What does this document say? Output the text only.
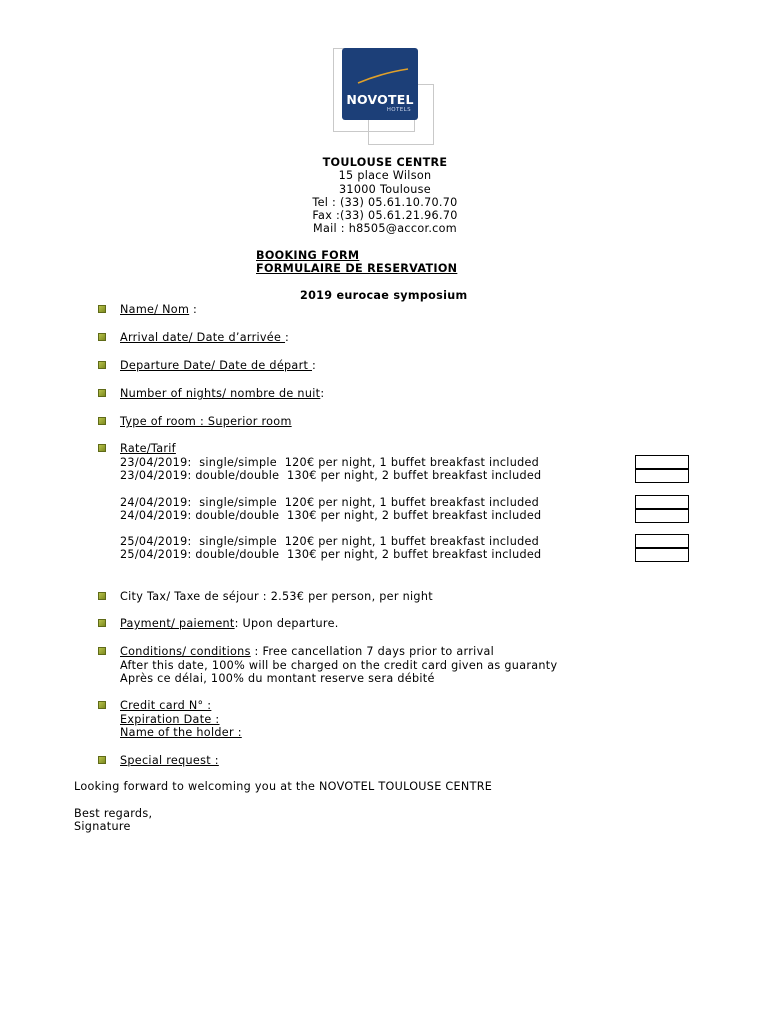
NOVOTEL
HOTELS
TOULOUSE CENTRE
15 place Wilson
31000 Toulouse
Tel : (33) 05.61.10.70.70
Fax :(33) 05.61.21.96.70
Mail : h8505@accor.com
BOOKING FORM
FORMULAIRE DE RESERVATION
2019 eurocae symposium
Name/ Nom :
Arrival date/ Date d’arrivée :
Departure Date/ Date de départ :
Number of nights/ nombre de nuit:
Type of room : Superior room
Rate/Tarif
23/04/2019:  single/simple  120€ per night, 1 buffet breakfast included
23/04/2019: double/double  130€ per night, 2 buffet breakfast included
24/04/2019:  single/simple  120€ per night, 1 buffet breakfast included
24/04/2019: double/double  130€ per night, 2 buffet breakfast included
25/04/2019:  single/simple  120€ per night, 1 buffet breakfast included
25/04/2019: double/double  130€ per night, 2 buffet breakfast included
City Tax/ Taxe de séjour : 2.53€ per person, per night
Payment/ paiement: Upon departure.
Conditions/ conditions : Free cancellation 7 days prior to arrival
After this date, 100% will be charged on the credit card given as guaranty
Après ce délai, 100% du montant reserve sera débité
Credit card N° :
Expiration Date :
Name of the holder :
Special request :
Looking forward to welcoming you at the NOVOTEL TOULOUSE CENTRE
Best regards,
Signature
